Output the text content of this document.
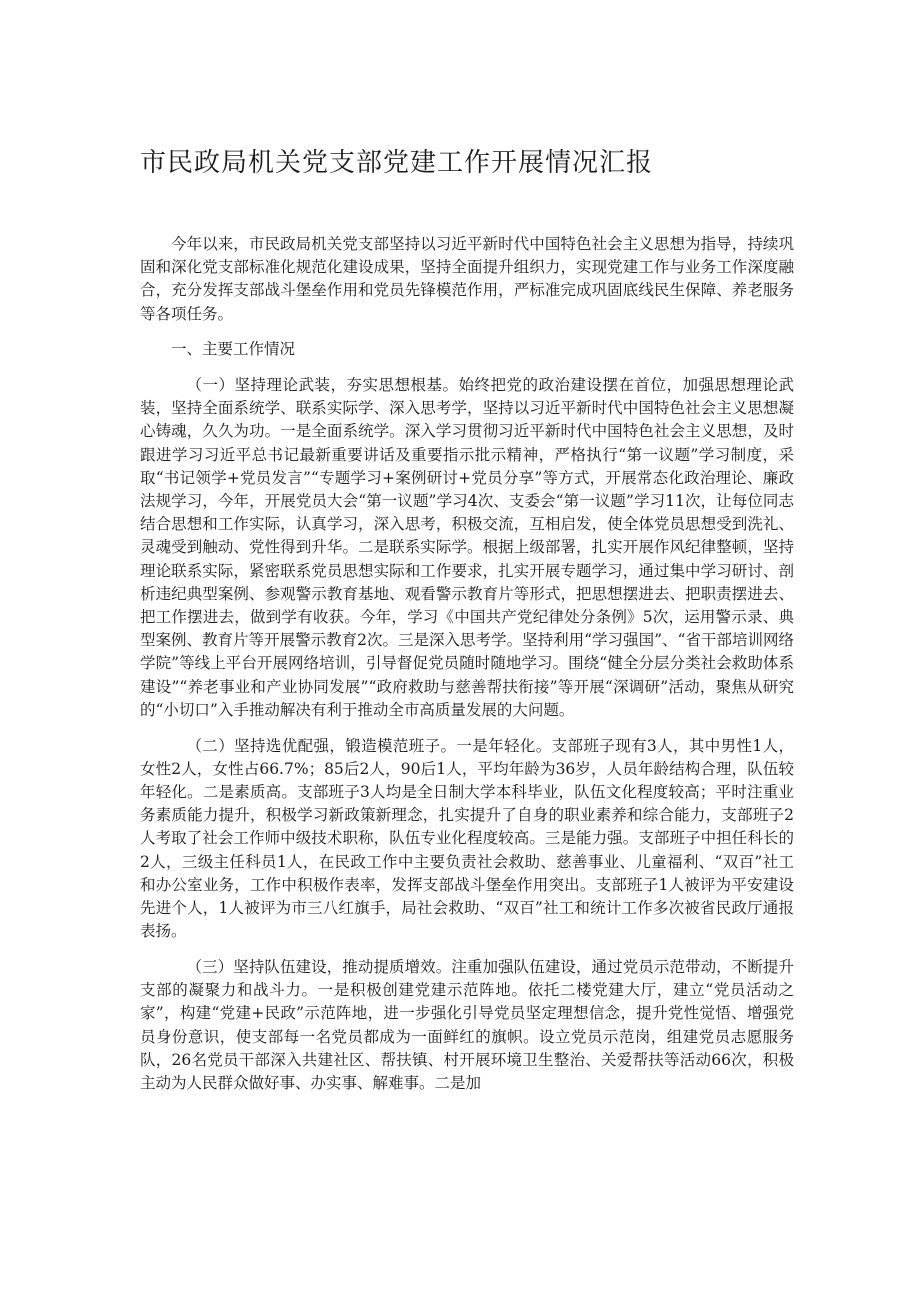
市民政局机关党支部党建工作开展情况汇报

今年以来，市民政局机关党支部坚持以习近平新时代中国特色社会主义思想为指导，持续巩固和深化党支部标准化规范化建设成果，坚持全面提升组织力，实现党建工作与业务工作深度融合，充分发挥支部战斗堡垒作用和党员先锋模范作用，严标准完成巩固底线民生保障、养老服务等各项任务。

一、主要工作情况

（一）坚持理论武装，夯实思想根基。始终把党的政治建设摆在首位，加强思想理论武装，坚持全面系统学、联系实际学、深入思考学，坚持以习近平新时代中国特色社会主义思想凝心铸魂，久久为功。一是全面系统学。深入学习贯彻习近平新时代中国特色社会主义思想，及时跟进学习习近平总书记最新重要讲话及重要指示批示精神，严格执行“第一议题”学习制度，采取“书记领学+党员发言”“专题学习+案例研讨+党员分享”等方式，开展常态化政治理论、廉政法规学习，今年，开展党员大会“第一议题”学习4次、支委会“第一议题”学习11次，让每位同志结合思想和工作实际，认真学习，深入思考，积极交流，互相启发，使全体党员思想受到洗礼、灵魂受到触动、党性得到升华。二是联系实际学。根据上级部署，扎实开展作风纪律整顿，坚持理论联系实际，紧密联系党员思想实际和工作要求，扎实开展专题学习，通过集中学习研讨、剖析违纪典型案例、参观警示教育基地、观看警示教育片等形式，把思想摆进去、把职责摆进去、把工作摆进去，做到学有收获。今年，学习《中国共产党纪律处分条例》5次，运用警示录、典型案例、教育片等开展警示教育2次。三是深入思考学。坚持利用“学习强国”、“省干部培训网络学院”等线上平台开展网络培训，引导督促党员随时随地学习。围绕“健全分层分类社会救助体系建设”“养老事业和产业协同发展”“政府救助与慈善帮扶衔接”等开展“深调研”活动，聚焦从研究的“小切口”入手推动解决有利于推动全市高质量发展的大问题。

（二）坚持选优配强，锻造模范班子。一是年轻化。支部班子现有3人，其中男性1人，女性2人，女性占66.7%；85后2人，90后1人，平均年龄为36岁，人员年龄结构合理，队伍较年轻化。二是素质高。支部班子3人均是全日制大学本科毕业，队伍文化程度较高；平时注重业务素质能力提升，积极学习新政策新理念，扎实提升了自身的职业素养和综合能力，支部班子2人考取了社会工作师中级技术职称，队伍专业化程度较高。三是能力强。支部班子中担任科长的2人，三级主任科员1人，在民政工作中主要负责社会救助、慈善事业、儿童福利、“双百”社工和办公室业务，工作中积极作表率，发挥支部战斗堡垒作用突出。支部班子1人被评为平安建设先进个人，1人被评为市三八红旗手，局社会救助、“双百”社工和统计工作多次被省民政厅通报表扬。

（三）坚持队伍建设，推动提质增效。注重加强队伍建设，通过党员示范带动，不断提升支部的凝聚力和战斗力。一是积极创建党建示范阵地。依托二楼党建大厅，建立“党员活动之家”，构建“党建+民政”示范阵地，进一步强化引导党员坚定理想信念，提升党性觉悟、增强党员身份意识，使支部每一名党员都成为一面鲜红的旗帜。设立党员示范岗，组建党员志愿服务队，26名党员干部深入共建社区、帮扶镇、村开展环境卫生整治、关爱帮扶等活动66次，积极主动为人民群众做好事、办实事、解难事。二是加
